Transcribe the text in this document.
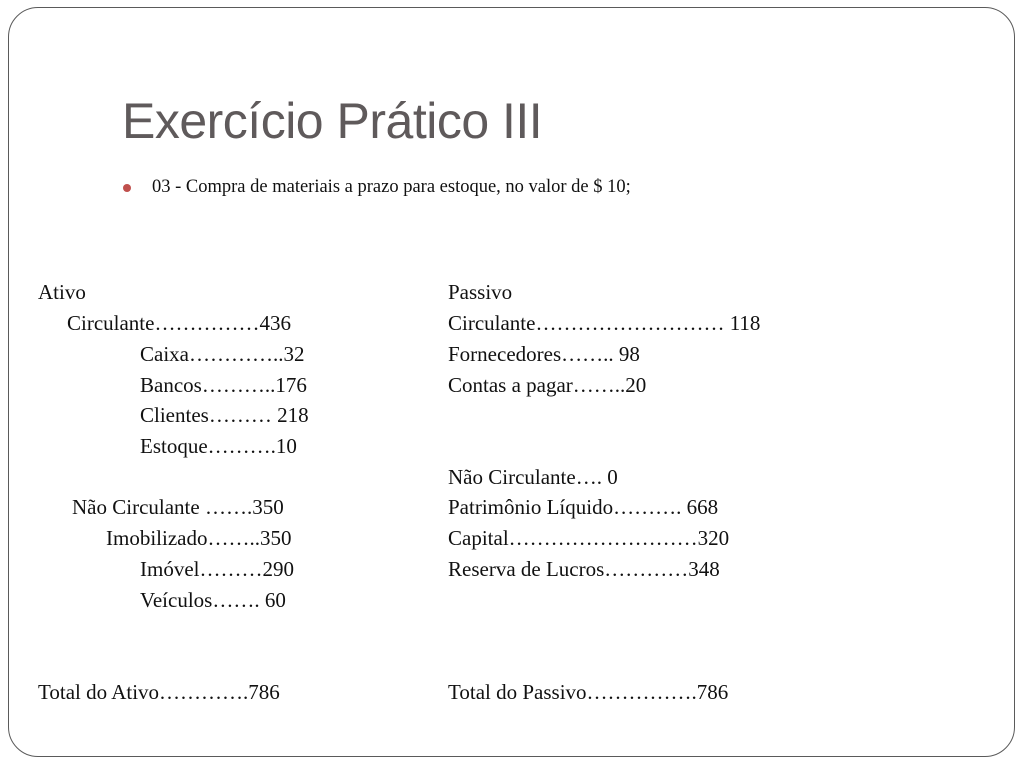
Exercício Prático III
03 - Compra de materiais a prazo para estoque, no valor de $ 10;
Ativo
Circulante……………436
Caixa…………..32
Bancos………..176
Clientes……… 218
Estoque……….10
Não Circulante …….350
Imobilizado……..350
Imóvel………290
Veículos……. 60
Total do Ativo………….786
Passivo
Circulante……………………… 118
Fornecedores…….. 98
Contas a pagar……..20
Não Circulante…. 0
Patrimônio Líquido………. 668
Capital………………………320
Reserva de Lucros…………348
Total do Passivo…………….786
